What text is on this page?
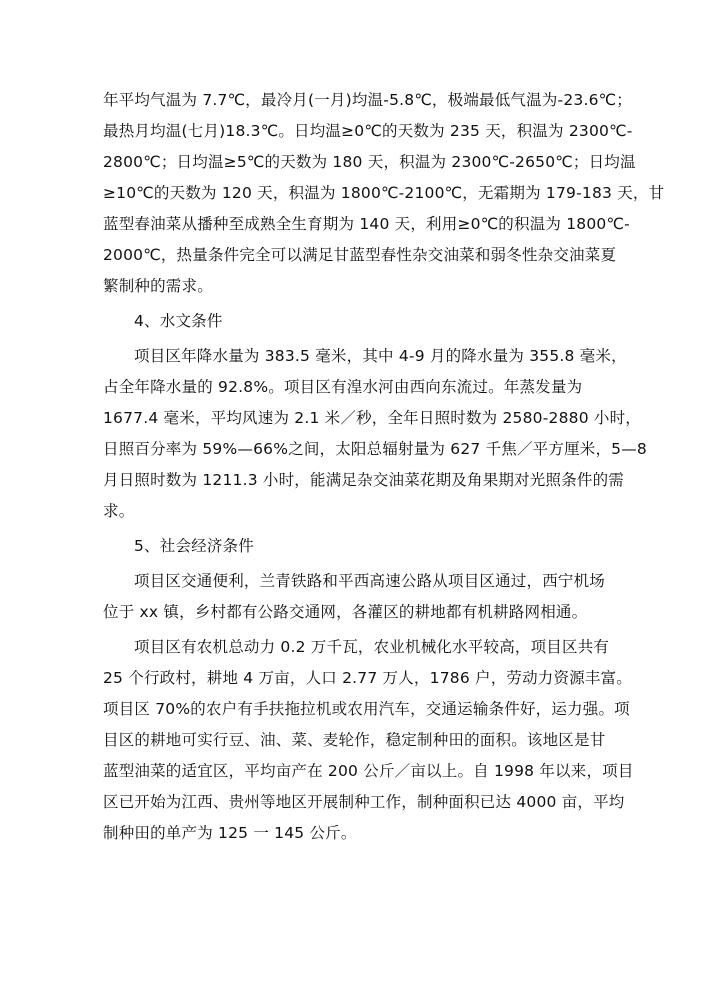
年平均气温为 7.7℃，最冷月(一月)均温-5.8℃，极端最低气温为-23.6℃；
最热月均温(七月)18.3℃。日均温≥0℃的天数为 235 天，积温为 2300℃-
2800℃；日均温≥5℃的天数为 180 天，积温为 2300℃-2650℃；日均温
≥10℃的天数为 120 天，积温为 1800℃-2100℃，无霜期为 179-183 天，甘
蓝型春油菜从播种至成熟全生育期为 140 天，利用≥0℃的积温为 1800℃-
2000℃，热量条件完全可以满足甘蓝型春性杂交油菜和弱冬性杂交油菜夏
繁制种的需求。
4、水文条件
项目区年降水量为 383.5 毫米，其中 4-9 月的降水量为 355.8 毫米，
占全年降水量的 92.8%。项目区有湟水河由西向东流过。年蒸发量为
1677.4 毫米，平均风速为 2.1 米／秒，全年日照时数为 2580-2880 小时，
日照百分率为 59%—66%之间，太阳总辐射量为 627 千焦／平方厘米，5—8
月日照时数为 1211.3 小时，能满足杂交油菜花期及角果期对光照条件的需
求。
5、社会经济条件
项目区交通便利，兰青铁路和平西高速公路从项目区通过，西宁机场
位于 xx 镇，乡村都有公路交通网，各灌区的耕地都有机耕路网相通。
项目区有农机总动力 0.2 万千瓦，农业机械化水平较高，项目区共有
25 个行政村，耕地 4 万亩，人口 2.77 万人，1786 户，劳动力资源丰富。
项目区 70%的农户有手扶拖拉机或农用汽车，交通运输条件好，运力强。项
目区的耕地可实行豆、油、菜、麦轮作，稳定制种田的面积。该地区是甘
蓝型油菜的适宜区，平均亩产在 200 公斤／亩以上。自 1998 年以来，项目
区已开始为江西、贵州等地区开展制种工作，制种面积已达 4000 亩，平均
制种田的单产为 125 一 145 公斤。
